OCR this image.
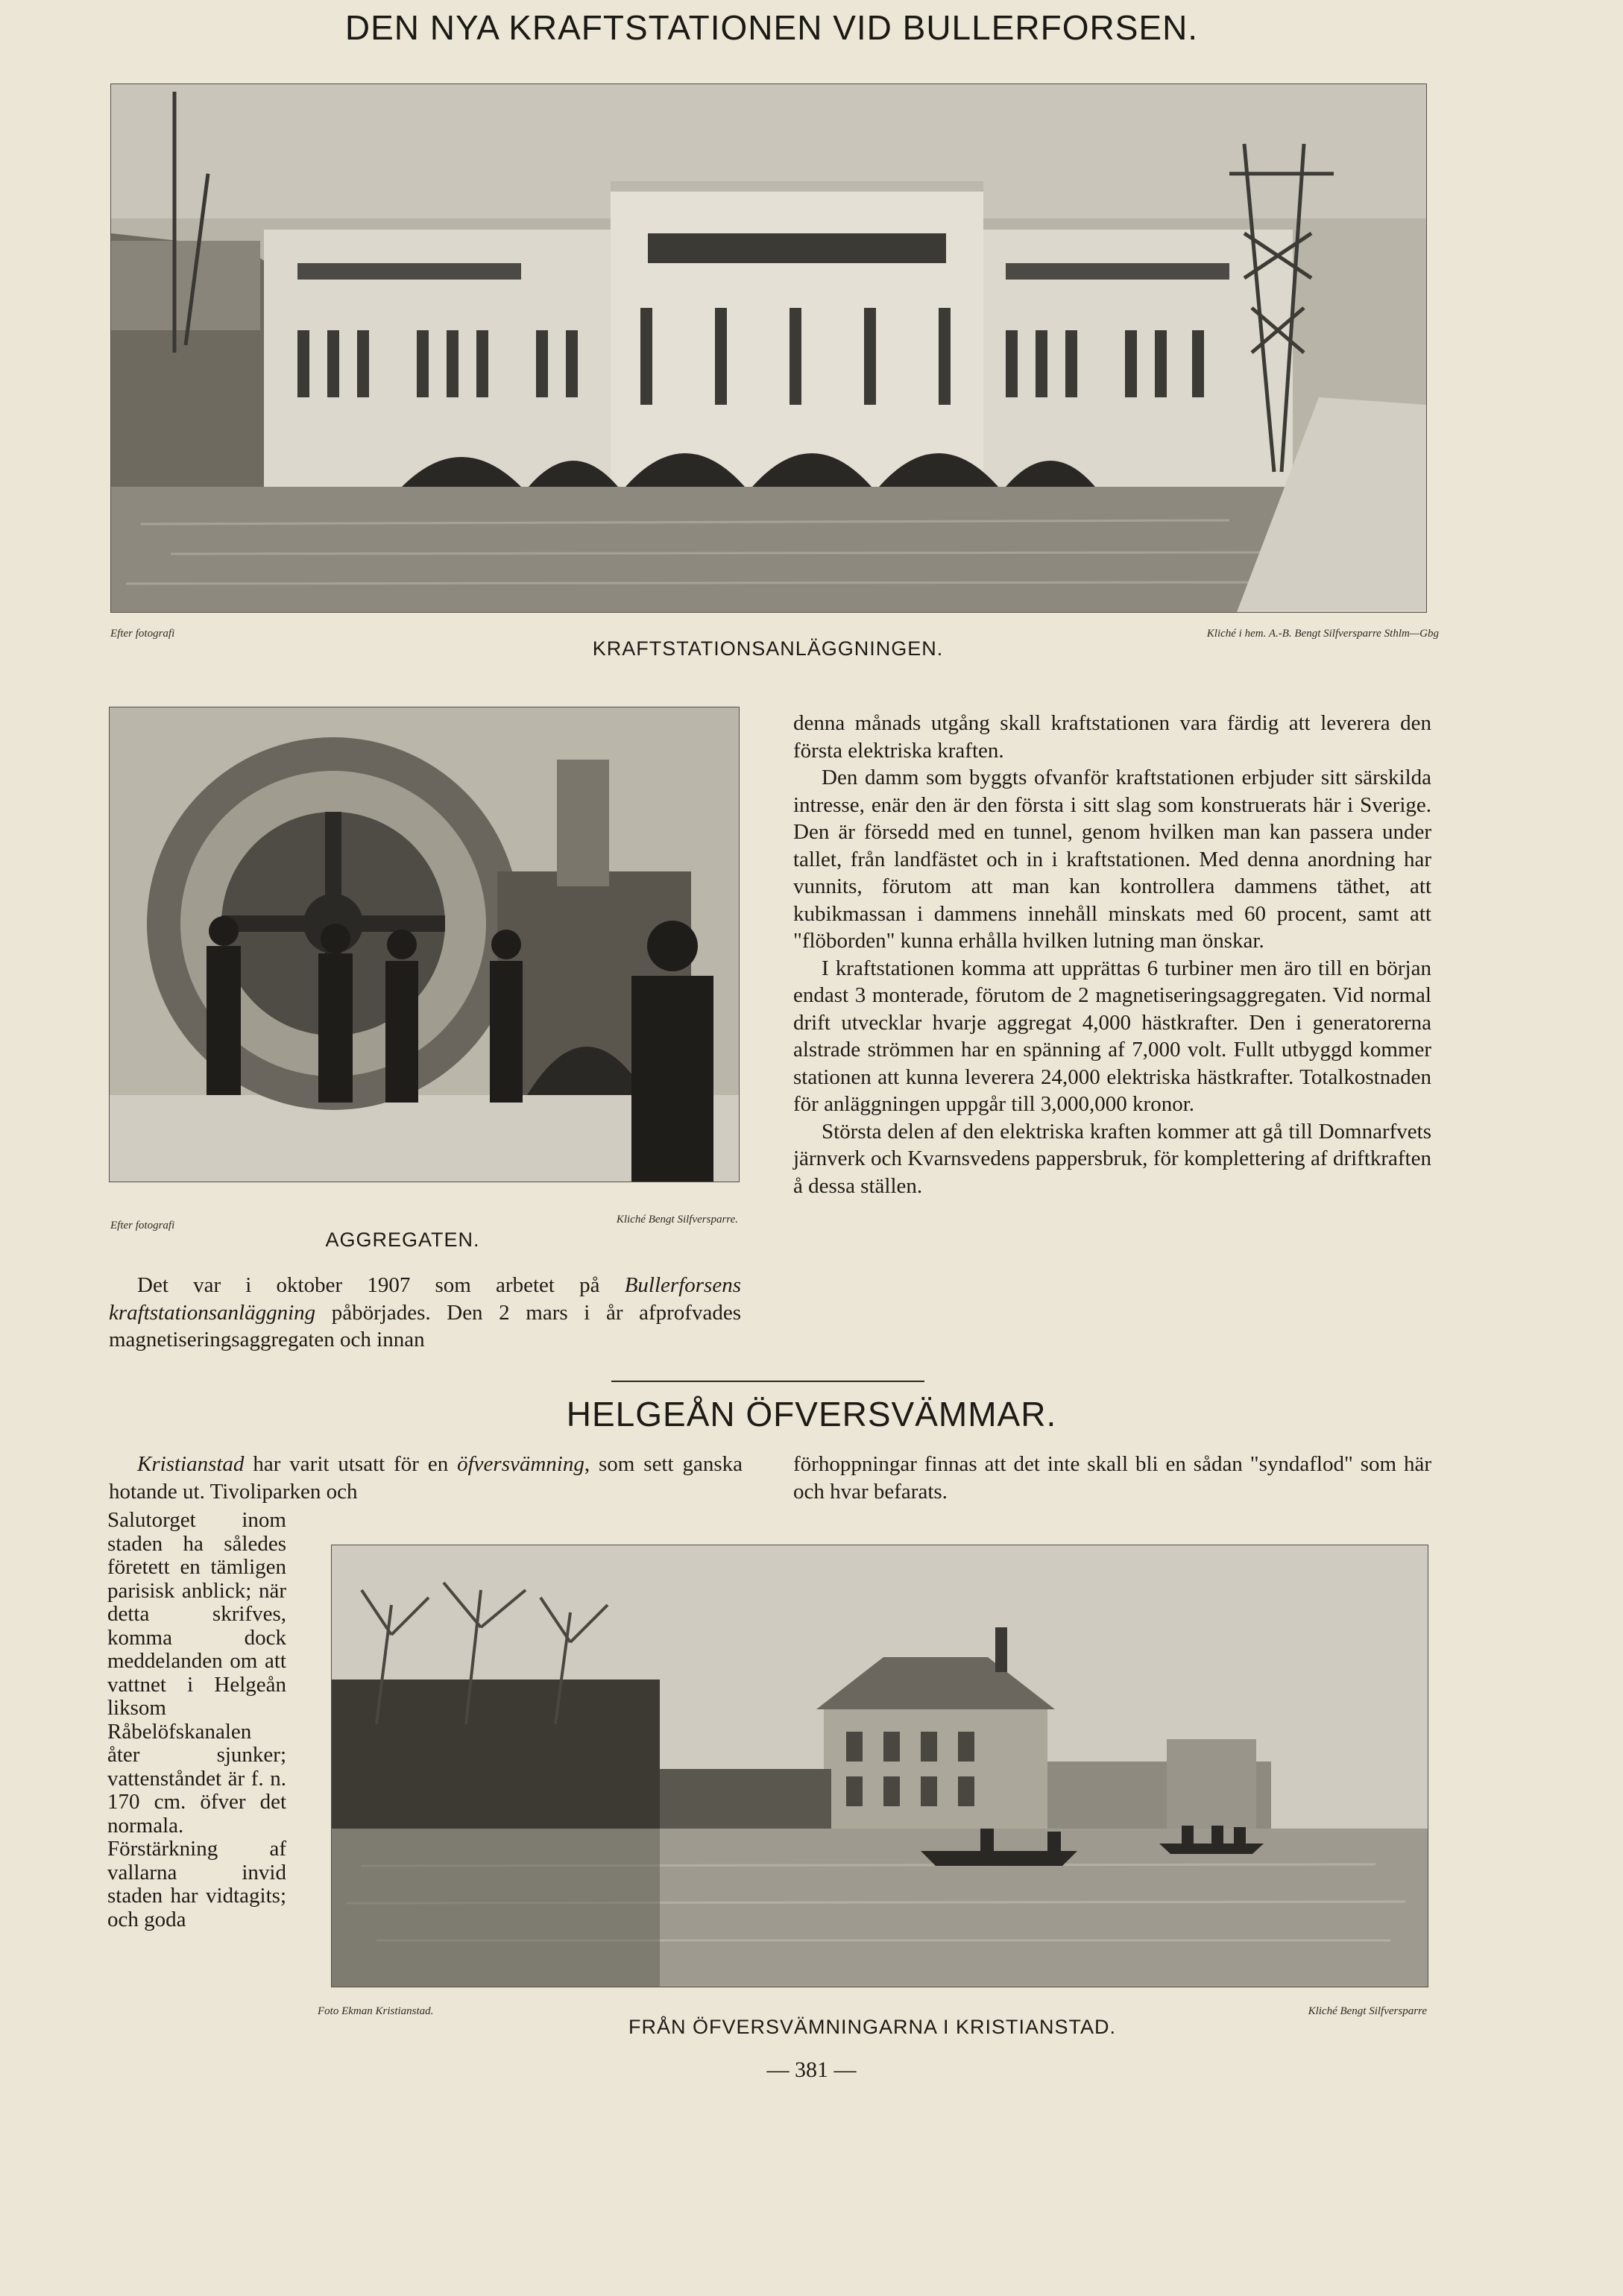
DEN NYA KRAFTSTATIONEN VID BULLERFORSEN.
Efter fotografi	Kliché i hem. A.-B. Bengt Silfversparre Sthlm—Gbg
KRAFTSTATIONSANLÄGGNINGEN.
Efter fotografi	Kliché Bengt Silfversparre.
AGGREGATEN.

Det var i oktober 1907 som arbetet på Bullerforsens kraftstationsanläggning påbörjades. Den 2 mars i år afprofvades magnetiseringsaggregaten och innan

denna månads utgång skall kraftstationen vara färdig att leverera den första elektriska kraften.

Den damm som byggts ofvanför kraftstationen erbjuder sitt särskilda intresse, enär den är den första i sitt slag som konstruerats här i Sverige. Den är försedd med en tunnel, genom hvilken man kan passera under tallet, från landfästet och in i kraftstationen. Med denna anordning har vunnits, förutom att man kan kontrollera dammens täthet, att kubikmassan i dammens innehåll minskats med 60 procent, samt att "flöborden" kunna erhålla hvilken lutning man önskar.

I kraftstationen komma att upprättas 6 turbiner men äro till en början endast 3 monterade, förutom de 2 magnetiseringsaggregaten. Vid normal drift utvecklar hvarje aggregat 4,000 hästkrafter. Den i generatorerna alstrade strömmen har en spänning af 7,000 volt. Fullt utbyggd kommer stationen att kunna leverera 24,000 elektriska hästkrafter. Totalkostnaden för anläggningen uppgår till 3,000,000 kronor.

Största delen af den elektriska kraften kommer att gå till Domnarfvets järnverk och Kvarnsvedens pappersbruk, för komplettering af driftkraften å dessa ställen.

HELGEÅN ÖFVERSVÄMMAR.

Kristianstad har varit utsatt för en öfversvämning, som sett ganska hotande ut. Tivoliparken och

förhoppningar finnas att det inte skall bli en sådan "syndaflod" som här och hvar befarats.

Salutorget inom staden ha således företett en tämligen parisisk anblick; när detta skrifves, komma dock meddelanden om att vattnet i Helgeån liksom Råbelöfskanalen åter sjunker; vattenståndet är f. n. 170 cm. öfver det normala. Förstärkning af vallarna invid staden har vidtagits; och goda

Foto Ekman Kristianstad.	Kliché Bengt Silfversparre
FRÅN ÖFVERSVÄMNINGARNA I KRISTIANSTAD.
— 381 —
